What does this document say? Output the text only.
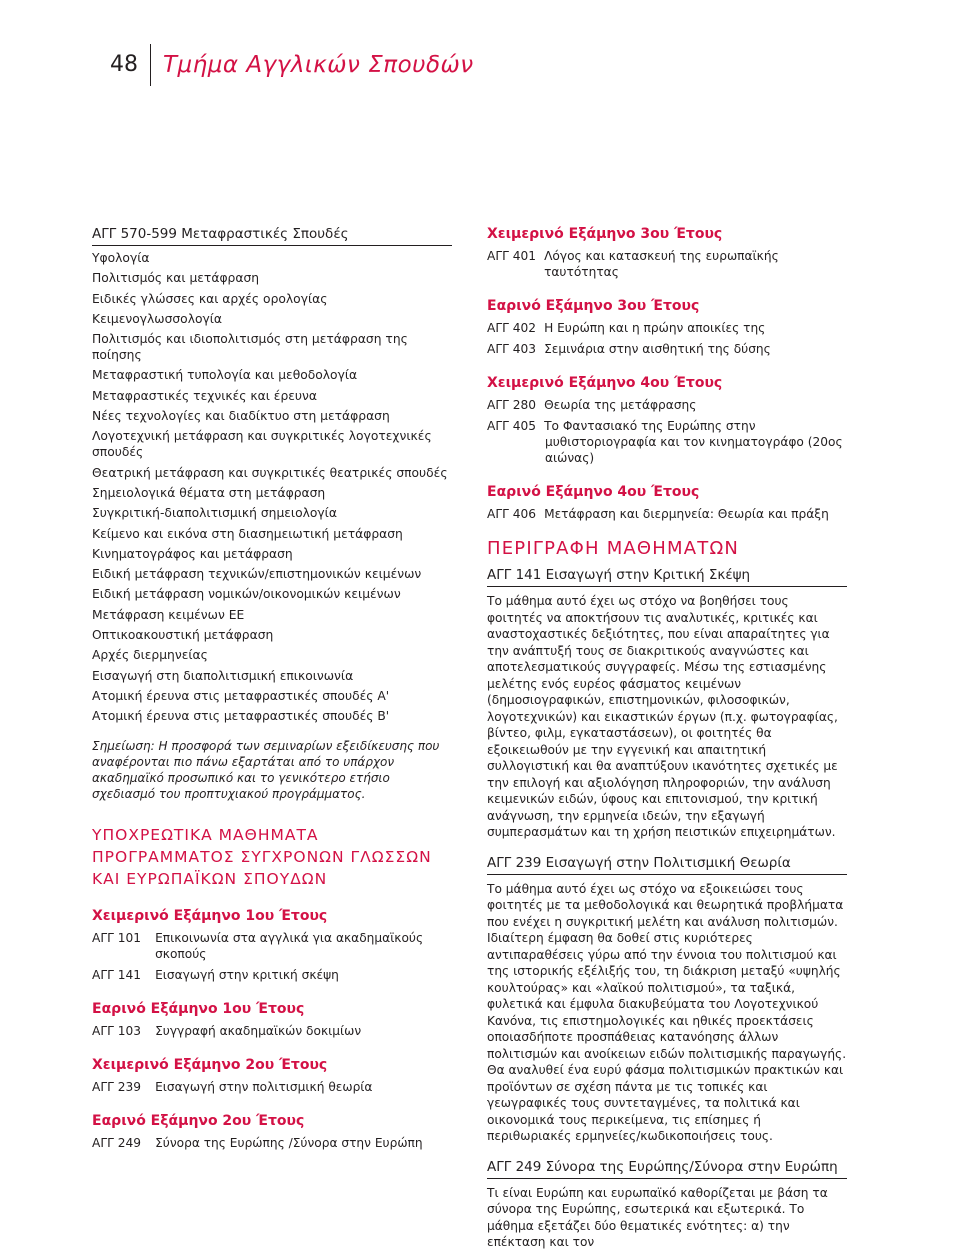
48	Τμήμα Αγγλικών Σπουδών
ΑΓΓ 570-599 Μεταφραστικές Σπουδές
Υφολογία
Πολιτισμός και μετάφραση
Ειδικές γλώσσες και αρχές ορολογίας
Κειμενογλωσσολογία
Πολιτισμός και ιδιοπολιτισμός στη μετάφραση της ποίησης
Μεταφραστική τυπολογία και μεθοδολογία
Μεταφραστικές τεχνικές και έρευνα
Νέες τεχνολογίες και διαδίκτυο στη μετάφραση
Λογοτεχνική μετάφραση και συγκριτικές λογοτεχνικές σπουδές
Θεατρική μετάφραση και συγκριτικές θεατρικές σπουδές
Σημειολογικά θέματα στη μετάφραση
Συγκριτική-διαπολιτισμική σημειολογία
Κείμενο και εικόνα στη διασημειωτική μετάφραση
Κινηματογράφος και μετάφραση
Ειδική μετάφραση τεχνικών/επιστημονικών κειμένων
Ειδική μετάφραση νομικών/οικονομικών κειμένων
Μετάφραση κειμένων ΕΕ
Οπτικοακουστική μετάφραση
Αρχές διερμηνείας
Εισαγωγή στη διαπολιτισμική επικοινωνία
Ατομική έρευνα στις μεταφραστικές σπουδές Α'
Ατομική έρευνα στις μεταφραστικές σπουδές Β'
Σημείωση: Η προσφορά των σεμιναρίων εξειδίκευσης που αναφέρονται πιο πάνω εξαρτάται από το υπάρχον ακαδημαϊκό προσωπικό και το γενικότερο ετήσιο σχεδιασμό του προπτυχιακού προγράμματος.
ΥΠΟΧΡΕΩΤΙΚΑ ΜΑΘΗΜΑΤΑ
ΠΡΟΓΡΑΜΜΑΤΟΣ ΣΥΓΧΡΟΝΩΝ ΓΛΩΣΣΩΝ
ΚΑΙ ΕΥΡΩΠΑΪΚΩΝ ΣΠΟΥΔΩΝ
Χειμερινό Εξάμηνο 1ου Έτους
ΑΓΓ 101 Επικοινωνία στα αγγλικά για ακαδημαϊκούς σκοπούς
ΑΓΓ 141 Εισαγωγή στην κριτική σκέψη
Εαρινό Εξάμηνο 1ου Έτους
ΑΓΓ 103 Συγγραφή ακαδημαϊκών δοκιμίων
Χειμερινό Εξάμηνο 2ου Έτους
ΑΓΓ 239 Εισαγωγή στην πολιτισμική θεωρία
Εαρινό Εξάμηνο 2ου Έτους
ΑΓΓ 249 Σύνορα της Ευρώπης /Σύνορα στην Ευρώπη
Χειμερινό Εξάμηνο 3ου Έτους
ΑΓΓ 401 Λόγος και κατασκευή της ευρωπαϊκής ταυτότητας
Εαρινό Εξάμηνο 3ου Έτους
ΑΓΓ 402 Η Ευρώπη και η πρώην αποικίες της
ΑΓΓ 403 Σεμινάρια στην αισθητική της δύσης
Χειμερινό Εξάμηνο 4ου Έτους
ΑΓΓ 280 Θεωρία της μετάφρασης
ΑΓΓ 405 Το Φαντασιακό της Ευρώπης στην
μυθιστοριογραφία και τον κινηματογράφο (20ος αιώνας)
Εαρινό Εξάμηνο 4ου Έτους
ΑΓΓ 406 Μετάφραση και διερμηνεία: Θεωρία και πράξη
ΠΕΡΙΓΡΑΦΗ ΜΑΘΗΜΑΤΩΝ
ΑΓΓ 141 Εισαγωγή στην Κριτική Σκέψη
Το μάθημα αυτό έχει ως στόχο να βοηθήσει τους φοιτητές να αποκτήσουν τις αναλυτικές, κριτικές και αναστοχαστικές δεξιότητες, που είναι απαραίτητες για την ανάπτυξή τους σε διακριτικούς αναγνώστες και αποτελεσματικούς συγγραφείς. Μέσω της εστιασμένης μελέτης ενός ευρέος φάσματος κειμένων (δημοσιογραφικών, επιστημονικών, φιλοσοφικών, λογοτεχνικών) και εικαστικών έργων (π.χ. φωτογραφίας, βίντεο, φιλμ, εγκαταστάσεων), οι φοιτητές θα εξοικειωθούν με την εγγενική και απαιτητική συλλογιστική και θα αναπτύξουν ικανότητες σχετικές με την επιλογή και αξιολόγηση πληροφοριών, την ανάλυση κειμενικών ειδών, ύφους και επιτονισμού, την κριτική ανάγνωση, την ερμηνεία ιδεών, την εξαγωγή συμπερασμάτων και τη χρήση πειστικών επιχειρημάτων.
ΑΓΓ 239 Εισαγωγή στην Πολιτισμική Θεωρία
Το μάθημα αυτό έχει ως στόχο να εξοικειώσει τους φοιτητές με τα μεθοδολογικά και θεωρητικά προβλήματα που ενέχει η συγκριτική μελέτη και ανάλυση πολιτισμών. Ιδιαίτερη έμφαση θα δοθεί στις κυριότερες αντιπαραθέσεις γύρω από την έννοια του πολιτισμού και της ιστορικής εξέλιξής του, τη διάκριση μεταξύ «υψηλής κουλτούρας» και «λαϊκού πολιτισμού», τα ταξικά, φυλετικά και έμφυλα διακυβεύματα του Λογοτεχνικού Κανόνα, τις επιστημολογικές και ηθικές προεκτάσεις οποιασδήποτε προσπάθειας κατανόησης άλλων πολιτισμών και ανοίκειων ειδών πολιτισμικής παραγωγής. Θα αναλυθεί ένα ευρύ φάσμα πολιτισμικών πρακτικών και προϊόντων σε σχέση πάντα με τις τοπικές και γεωγραφικές τους συντεταγμένες, τα πολιτικά και οικονομικά τους περικείμενα, τις επίσημες ή περιθωριακές ερμηνείες/κωδικοποιήσεις τους.
ΑΓΓ 249 Σύνορα της Ευρώπης/Σύνορα στην Ευρώπη
Τι είναι Ευρώπη και ευρωπαϊκό καθορίζεται με βάση τα σύνορα της Ευρώπης, εσωτερικά και εξωτερικά. Το μάθημα εξετάζει δύο θεματικές ενότητες: α) την επέκταση και τον
